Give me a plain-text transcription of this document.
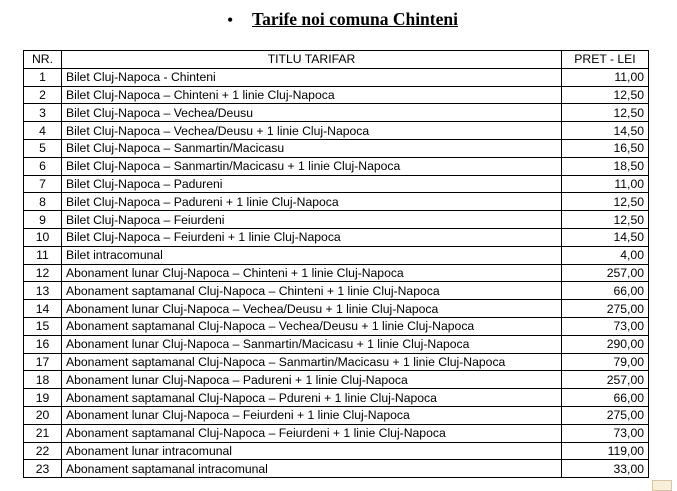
• Tarife noi comuna Chinteni
NR.	TITLU TARIFAR	PRET - LEI
1	Bilet Cluj-Napoca - Chinteni	11,00
2	Bilet Cluj-Napoca – Chinteni + 1 linie Cluj-Napoca	12,50
3	Bilet Cluj-Napoca – Vechea/Deusu	12,50
4	Bilet Cluj-Napoca – Vechea/Deusu + 1 linie Cluj-Napoca	14,50
5	Bilet Cluj-Napoca – Sanmartin/Macicasu	16,50
6	Bilet Cluj-Napoca – Sanmartin/Macicasu + 1 linie Cluj-Napoca	18,50
7	Bilet Cluj-Napoca – Padureni	11,00
8	Bilet Cluj-Napoca – Padureni + 1 linie Cluj-Napoca	12,50
9	Bilet Cluj-Napoca – Feiurdeni	12,50
10	Bilet Cluj-Napoca – Feiurdeni + 1 linie Cluj-Napoca	14,50
11	Bilet intracomunal	4,00
12	Abonament lunar Cluj-Napoca – Chinteni + 1 linie Cluj-Napoca	257,00
13	Abonament saptamanal Cluj-Napoca – Chinteni + 1 linie Cluj-Napoca	66,00
14	Abonament lunar Cluj-Napoca – Vechea/Deusu + 1 linie Cluj-Napoca	275,00
15	Abonament saptamanal Cluj-Napoca – Vechea/Deusu + 1 linie Cluj-Napoca	73,00
16	Abonament lunar Cluj-Napoca – Sanmartin/Macicasu + 1 linie Cluj-Napoca	290,00
17	Abonament saptamanal Cluj-Napoca – Sanmartin/Macicasu + 1 linie Cluj-Napoca	79,00
18	Abonament lunar Cluj-Napoca – Padureni + 1 linie Cluj-Napoca	257,00
19	Abonament saptamanal Cluj-Napoca – Pdureni + 1 linie Cluj-Napoca	66,00
20	Abonament lunar Cluj-Napoca – Feiurdeni + 1 linie Cluj-Napoca	275,00
21	Abonament saptamanal Cluj-Napoca – Feiurdeni + 1 linie Cluj-Napoca	73,00
22	Abonament lunar intracomunal	119,00
23	Abonament saptamanal intracomunal	33,00
